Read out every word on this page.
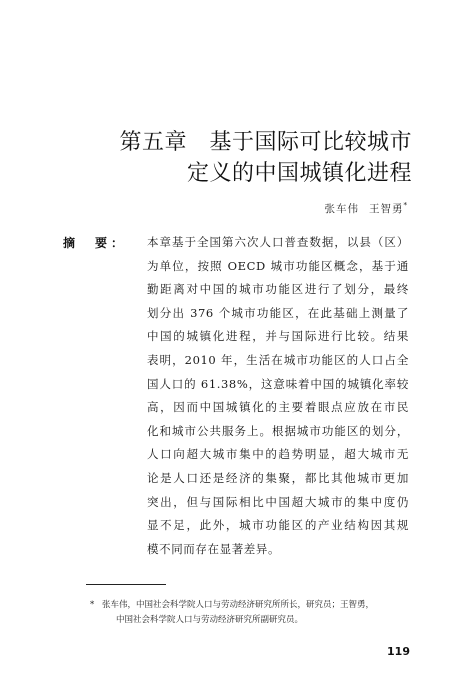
第五章　基于国际可比较城市
定义的中国城镇化进程
张车伟 王智勇*
摘　要： 本章基于全国第六次人口普查数据，以县（区）
为单位，按照 OECD 城市功能区概念，基于通
勤距离对中国的城市功能区进行了划分，最终
划分出 376 个城市功能区，在此基础上测量了
中国的城镇化进程，并与国际进行比较。结果
表明，2010 年，生活在城市功能区的人口占全
国人口的 61.38%，这意味着中国的城镇化率较
高，因而中国城镇化的主要着眼点应放在市民
化和城市公共服务上。根据城市功能区的划分，
人口向超大城市集中的趋势明显，超大城市无
论是人口还是经济的集聚，都比其他城市更加
突出，但与国际相比中国超大城市的集中度仍
显不足，此外，城市功能区的产业结构因其规
模不同而存在显著差异。
* 张车伟，中国社会科学院人口与劳动经济研究所所长，研究员；王智勇，
中国社会科学院人口与劳动经济研究所副研究员。
119
